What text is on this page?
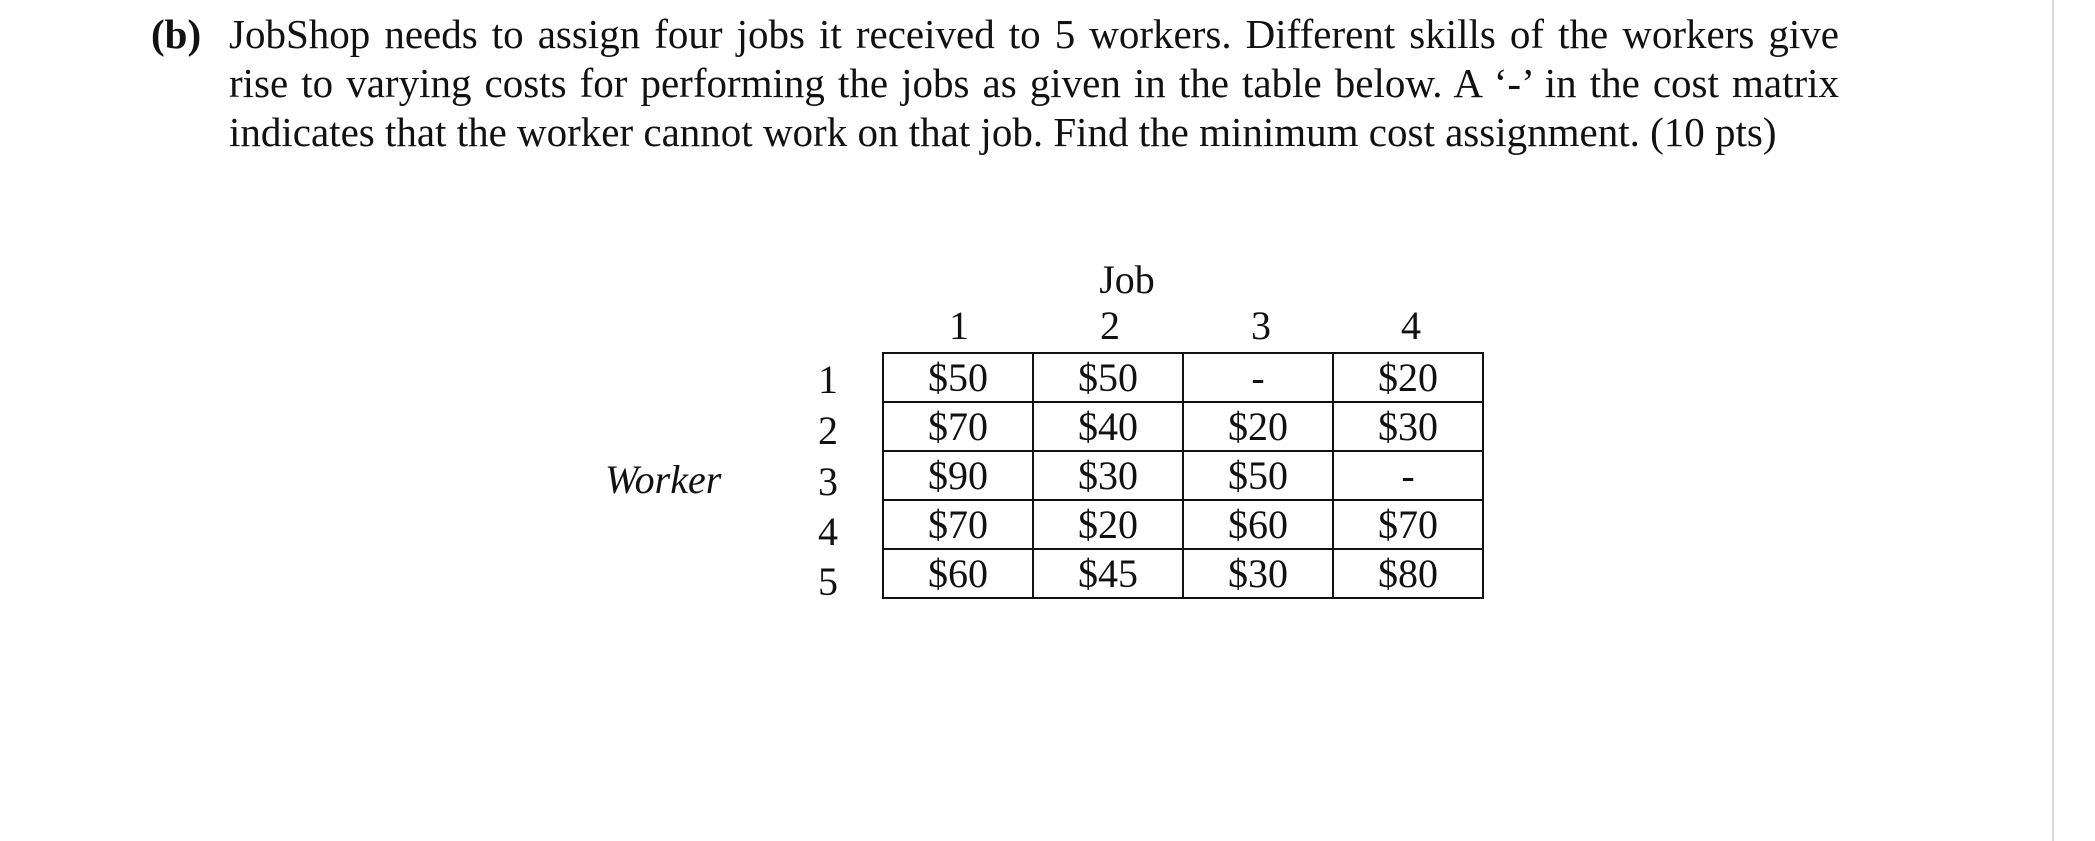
(b) JobShop needs to assign four jobs it received to 5 workers. Different skills of the workers give rise to varying costs for performing the jobs as given in the table below. A ‘-’ in the cost matrix indicates that the worker cannot work on that job. Find the minimum cost assignment. (10 pts)

Job
1	2	3	4
Worker
1
2
3
4
5
$50	$50	-	$20
$70	$40	$20	$30
$90	$30	$50	-
$70	$20	$60	$70
$60	$45	$30	$80
